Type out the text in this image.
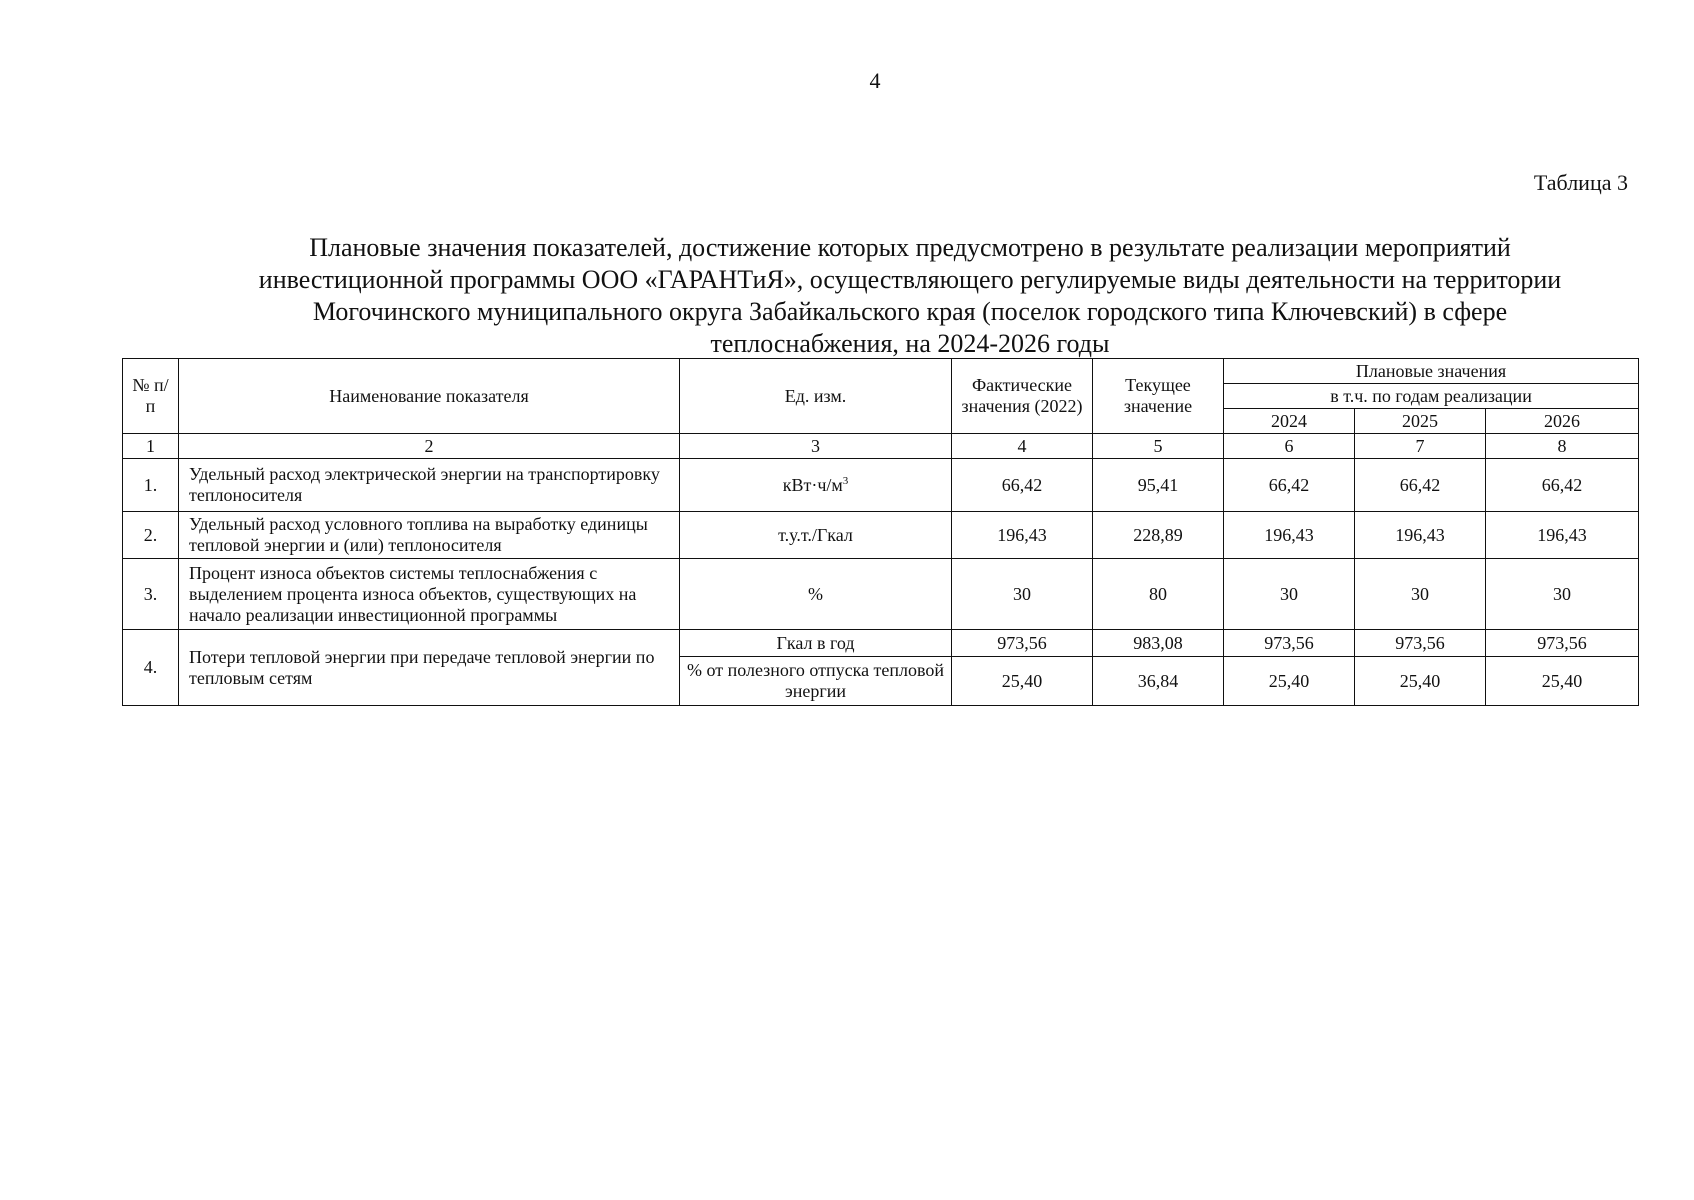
4
Таблица 3
Плановые значения показателей, достижение которых предусмотрено в результате реализации мероприятий
инвестиционной программы ООО «ГАРАНТиЯ», осуществляющего регулируемые виды деятельности на территории
Могочинского муниципального округа Забайкальского края (поселок городского типа Ключевский) в сфере
теплоснабжения, на 2024-2026 годы
№ п/п	Наименование показателя	Ед. изм.	Фактические значения (2022)	Текущее значение	Плановые значения		
					в т.ч. по годам реализации		
					2024	2025	2026
1	2	3	4	5	6	7	8
1.	Удельный расход электрической энергии на транспортировку теплоносителя	$кВт\cdot ч/м^3$	66,42	95,41	66,42	66,42	66,42
2.	Удельный расход условного топлива на выработку единицы тепловой энергии и (или) теплоносителя	т.у.т./Гкал	196,43	228,89	196,43	196,43	196,43
3.	Процент износа объектов системы теплоснабжения с выделением процента износа объектов, существующих на начало реализации инвестиционной программы	%	30	80	30	30	30
4.	Потери тепловой энергии при передаче тепловой энергии по тепловым сетям	Гкал в год	973,56	983,08	973,56	973,56	973,56
		% от полезного отпуска тепловой энергии	25,40	36,84	25,40	25,40	25,40
